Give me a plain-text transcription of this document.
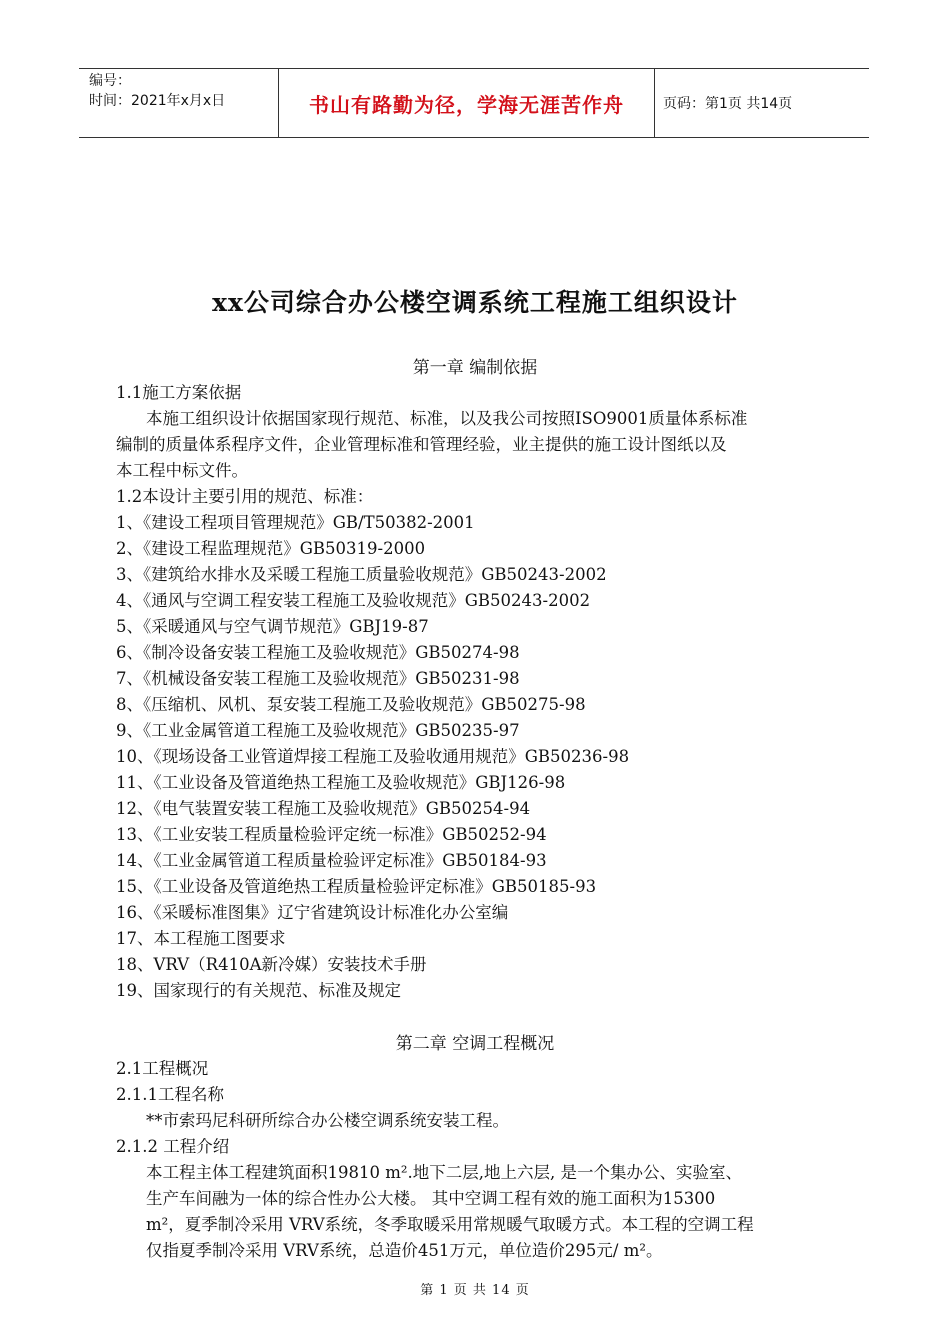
编号：
时间：2021年x月x日	书山有路勤为径，学海无涯苦作舟	页码：第1页 共14页
xx公司综合办公楼空调系统工程施工组织设计
第一章 编制依据
1.1施工方案依据
本施工组织设计依据国家现行规范、标准，以及我公司按照ISO9001质量体系标准
编制的质量体系程序文件，企业管理标准和管理经验，业主提供的施工设计图纸以及
本工程中标文件。
1.2本设计主要引用的规范、标准：
1、《建设工程项目管理规范》GB/T50382-2001
2、《建设工程监理规范》GB50319-2000
3、《建筑给水排水及采暖工程施工质量验收规范》GB50243-2002
4、《通风与空调工程安装工程施工及验收规范》GB50243-2002
5、《采暖通风与空气调节规范》GBJ19-87
6、《制冷设备安装工程施工及验收规范》GB50274-98
7、《机械设备安装工程施工及验收规范》GB50231-98
8、《压缩机、风机、泵安装工程施工及验收规范》GB50275-98
9、《工业金属管道工程施工及验收规范》GB50235-97
10、《现场设备工业管道焊接工程施工及验收通用规范》GB50236-98
11、《工业设备及管道绝热工程施工及验收规范》GBJ126-98
12、《电气装置安装工程施工及验收规范》GB50254-94
13、《工业安装工程质量检验评定统一标准》GB50252-94
14、《工业金属管道工程质量检验评定标准》GB50184-93
15、《工业设备及管道绝热工程质量检验评定标准》GB50185-93
16、《采暖标准图集》辽宁省建筑设计标准化办公室编
17、本工程施工图要求
18、VRV（R410A新冷媒）安装技术手册
19、国家现行的有关规范、标准及规定
第二章 空调工程概况
2.1工程概况
2.1.1工程名称
**市索玛尼科研所综合办公楼空调系统安装工程。
2.1.2 工程介绍
本工程主体工程建筑面积19810 m².地下二层,地上六层, 是一个集办公、实验室、
生产车间融为一体的综合性办公大楼。 其中空调工程有效的施工面积为15300
m²，夏季制冷采用 VRV系统，冬季取暖采用常规暖气取暖方式。本工程的空调工程
仅指夏季制冷采用 VRV系统，总造价451万元，单位造价295元/ m²。
第 1 页 共 14 页
